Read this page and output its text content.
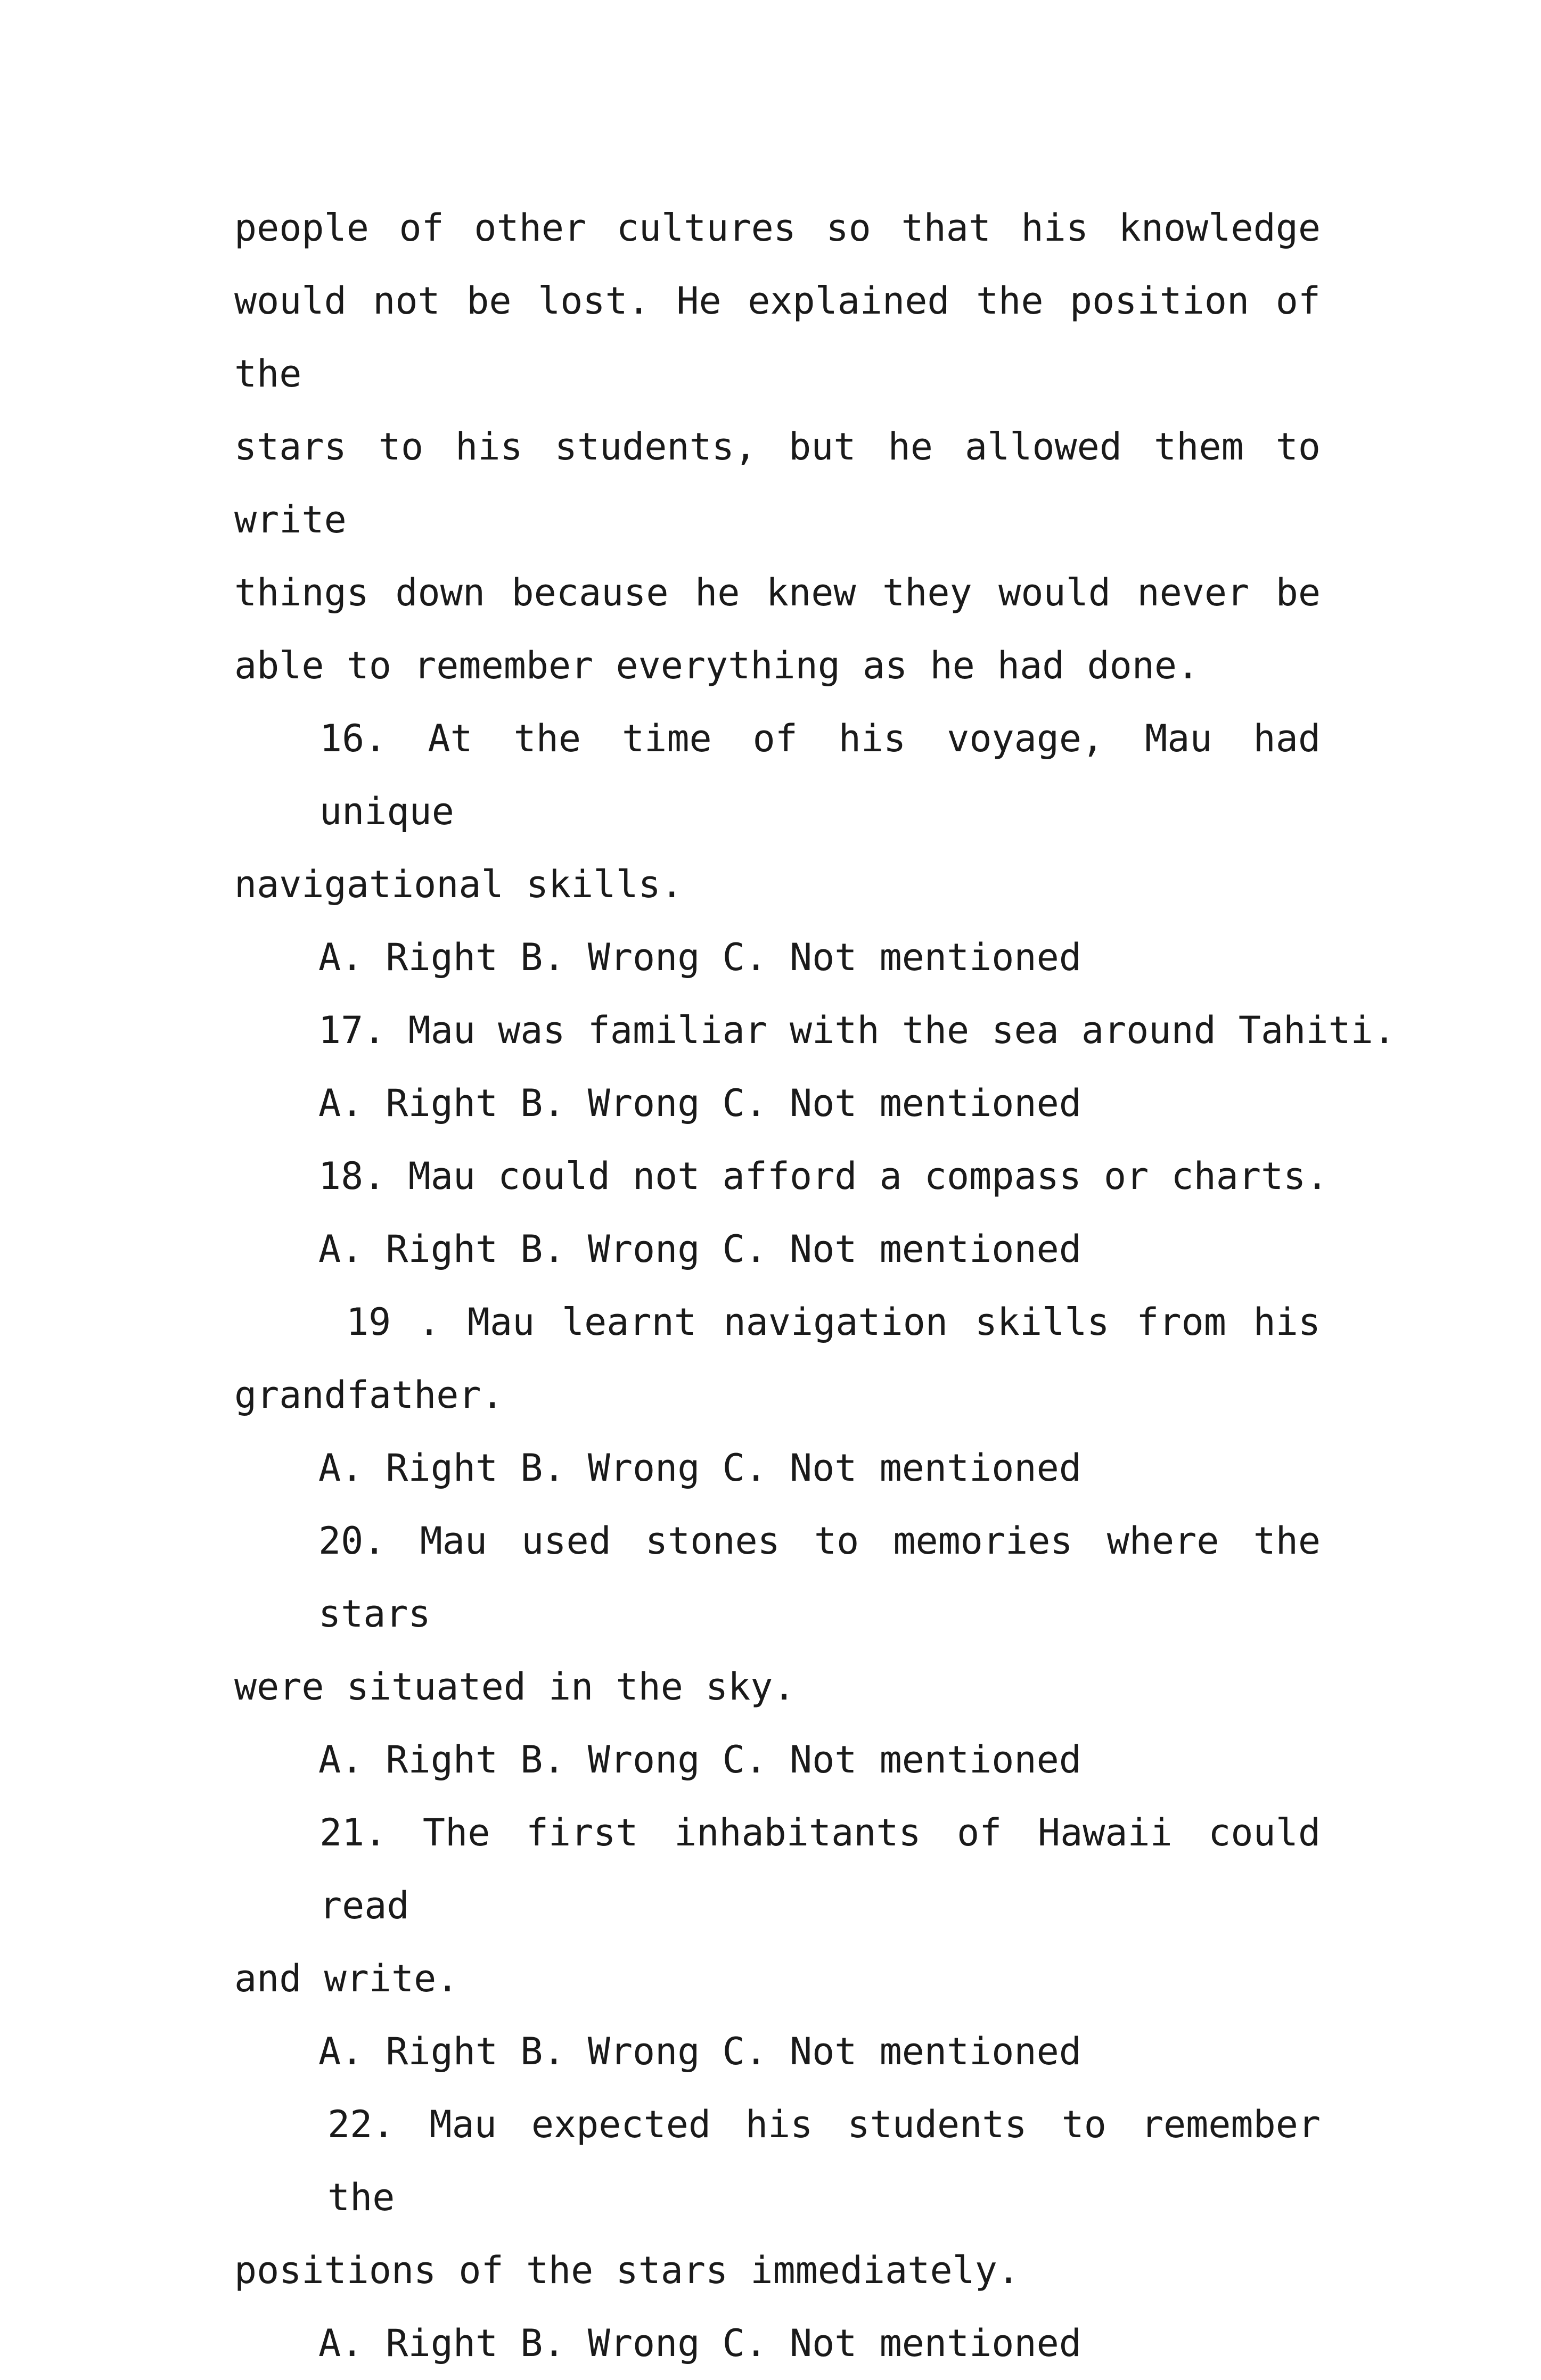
people of other cultures so that his knowledge
would not be lost. He explained the position of the
stars to his students, but he allowed them to write
things down because he knew they would never be
able to remember everything as he had done.
16. At the time of his voyage, Mau had unique
navigational skills.
A. Right B. Wrong C. Not mentioned
17. Mau was familiar with the sea around Tahiti.
A. Right B. Wrong C. Not mentioned
18. Mau could not afford a compass or charts.
A. Right B. Wrong C. Not mentioned
19 . Mau learnt navigation skills from his
grandfather.
A. Right B. Wrong C. Not mentioned
20. Mau used stones to memories where the stars
were situated in the sky.
A. Right B. Wrong C. Not mentioned
21. The first inhabitants of Hawaii could read
and write.
A. Right B. Wrong C. Not mentioned
22. Mau expected his students to remember the
positions of the stars immediately.
A. Right B. Wrong C. Not mentioned
